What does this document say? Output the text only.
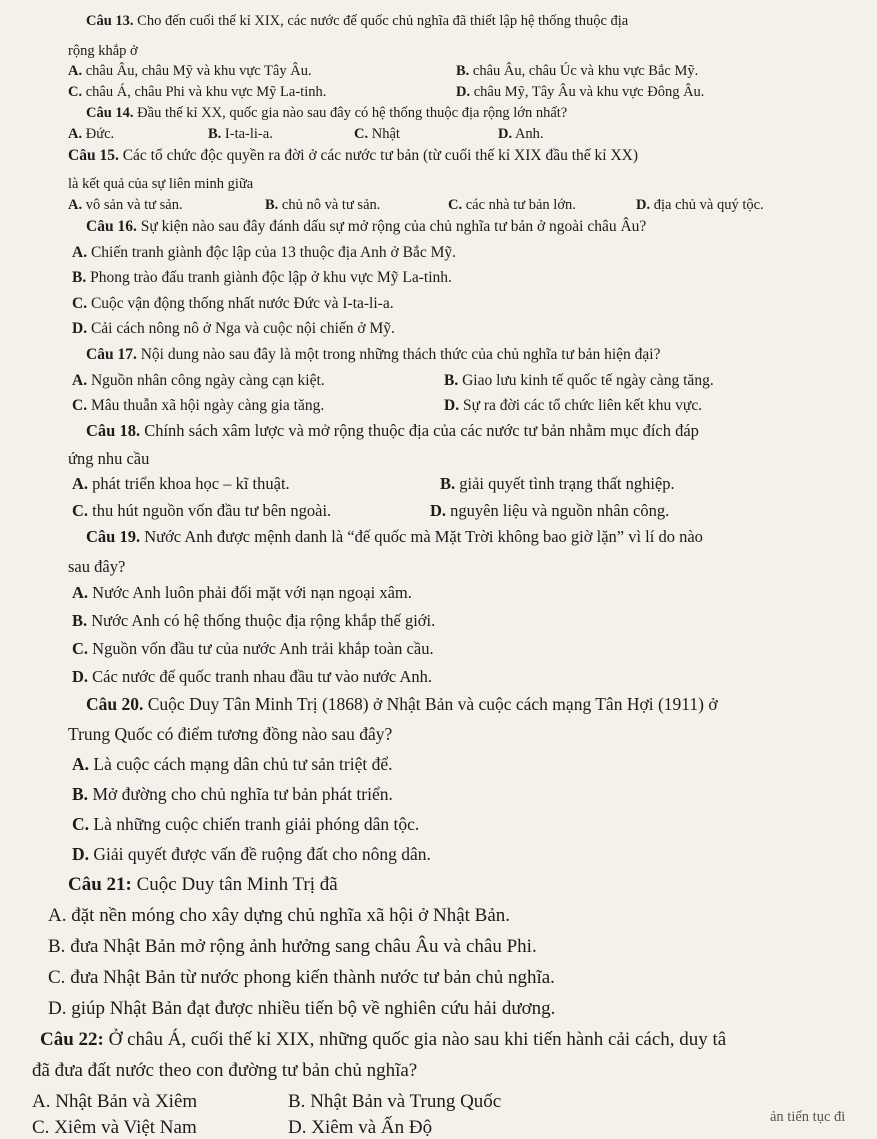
Câu 13. Cho đến cuối thế kỉ XIX, các nước đế quốc chủ nghĩa đã thiết lập hệ thống thuộc địa
rộng khắp ở
A. châu Âu, châu Mỹ và khu vực Tây Âu.	B. châu Âu, châu Úc và khu vực Bắc Mỹ.
C. châu Á, châu Phi và khu vực Mỹ La-tinh.	D. châu Mỹ, Tây Âu và khu vực Đông Âu.
Câu 14. Đầu thế kỉ XX, quốc gia nào sau đây có hệ thống thuộc địa rộng lớn nhất?
A. Đức.	B. I-ta-li-a.	C. Nhật	D. Anh.
Câu 15. Các tổ chức độc quyền ra đời ở các nước tư bản (từ cuối thế kỉ XIX đầu thế kỉ XX)
là kết quả của sự liên minh giữa
A. vô sản và tư sản.	B. chủ nô và tư sản.	C. các nhà tư bản lớn.	D. địa chủ và quý tộc.
Câu 16. Sự kiện nào sau đây đánh dấu sự mở rộng của chủ nghĩa tư bản ở ngoài châu Âu?
A. Chiến tranh giành độc lập của 13 thuộc địa Anh ở Bắc Mỹ.
B. Phong trào đấu tranh giành độc lập ở khu vực Mỹ La-tinh.
C. Cuộc vận động thống nhất nước Đức và I-ta-li-a.
D. Cải cách nông nô ở Nga và cuộc nội chiến ở Mỹ.
Câu 17. Nội dung nào sau đây là một trong những thách thức của chủ nghĩa tư bản hiện đại?
A. Nguồn nhân công ngày càng cạn kiệt.	B. Giao lưu kinh tế quốc tế ngày càng tăng.
C. Mâu thuẫn xã hội ngày càng gia tăng.	D. Sự ra đời các tổ chức liên kết khu vực.
Câu 18. Chính sách xâm lược và mở rộng thuộc địa của các nước tư bản nhằm mục đích đáp
ứng nhu cầu
A. phát triển khoa học – kĩ thuật.	B. giải quyết tình trạng thất nghiệp.
C. thu hút nguồn vốn đầu tư bên ngoài.	D. nguyên liệu và nguồn nhân công.
Câu 19. Nước Anh được mệnh danh là “đế quốc mà Mặt Trời không bao giờ lặn” vì lí do nào
sau đây?
A. Nước Anh luôn phải đối mặt với nạn ngoại xâm.
B. Nước Anh có hệ thống thuộc địa rộng khắp thế giới.
C. Nguồn vốn đầu tư của nước Anh trải khắp toàn cầu.
D. Các nước đế quốc tranh nhau đầu tư vào nước Anh.
Câu 20. Cuộc Duy Tân Minh Trị (1868) ở Nhật Bản và cuộc cách mạng Tân Hợi (1911) ở
Trung Quốc có điểm tương đồng nào sau đây?
A. Là cuộc cách mạng dân chủ tư sản triệt để.
B. Mở đường cho chủ nghĩa tư bản phát triển.
C. Là những cuộc chiến tranh giải phóng dân tộc.
D. Giải quyết được vấn đề ruộng đất cho nông dân.
Câu 21: Cuộc Duy tân Minh Trị đã
A. đặt nền móng cho xây dựng chủ nghĩa xã hội ở Nhật Bản.
B. đưa Nhật Bản mở rộng ảnh hưởng sang châu Âu và châu Phi.
C. đưa Nhật Bản từ nước phong kiến thành nước tư bản chủ nghĩa.
D. giúp Nhật Bản đạt được nhiều tiến bộ về nghiên cứu hải dương.
Câu 22: Ở châu Á, cuối thế kỉ XIX, những quốc gia nào sau khi tiến hành cải cách, duy tâ
đã đưa đất nước theo con đường tư bản chủ nghĩa?
A. Nhật Bản và Xiêm	B. Nhật Bản và Trung Quốc
C. Xiêm và Việt Nam	D. Xiêm và Ấn Độ	ản tiến tục đi
